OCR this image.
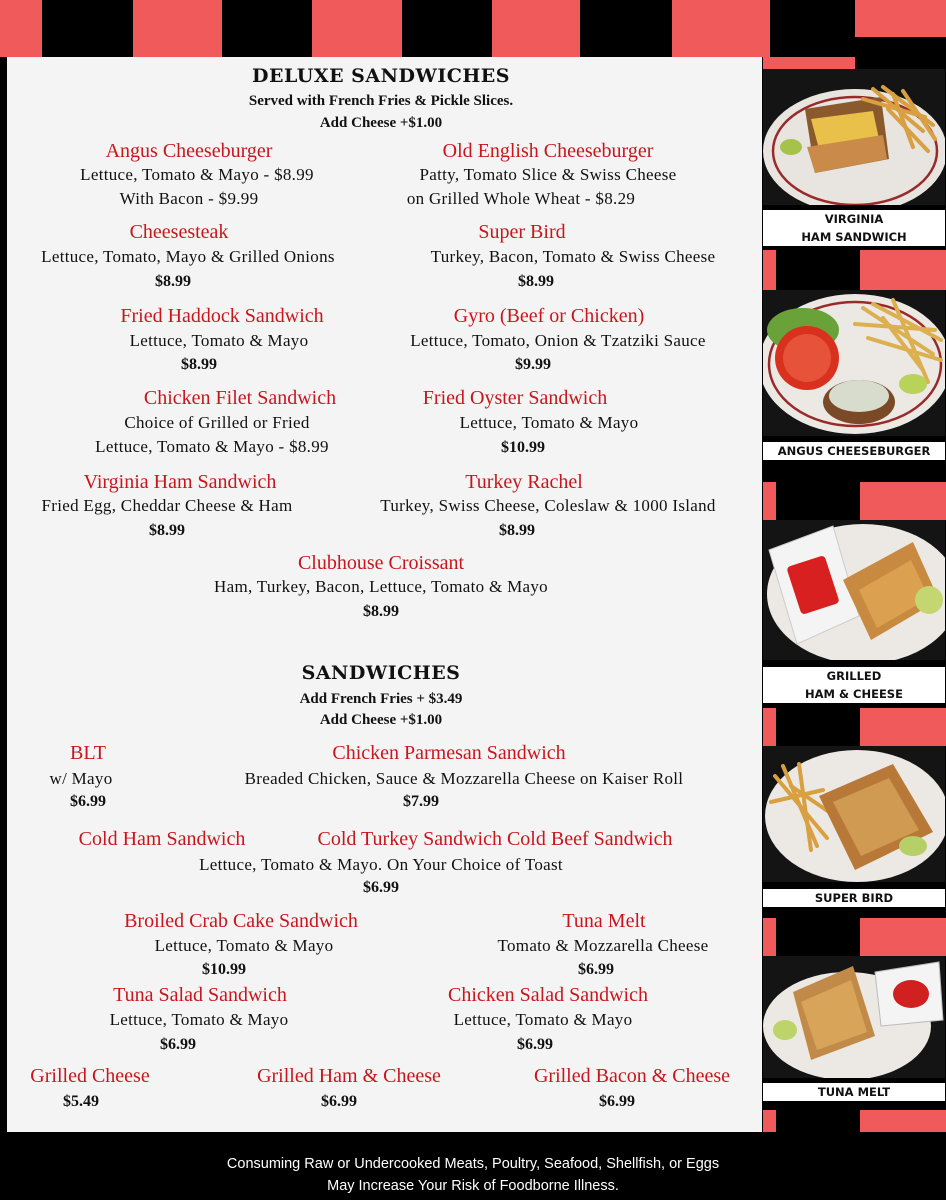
DELUXE SANDWICHES
Served with French Fries & Pickle Slices.
Add Cheese +$1.00
Angus Cheeseburger
Lettuce, Tomato & Mayo - $8.99
With Bacon - $9.99
Old English Cheeseburger
Patty, Tomato Slice & Swiss Cheese
on Grilled Whole Wheat - $8.29
Cheesesteak
Lettuce, Tomato, Mayo & Grilled Onions
$8.99
Super Bird
Turkey, Bacon, Tomato & Swiss Cheese
$8.99
Fried Haddock Sandwich
Lettuce, Tomato & Mayo
$8.99
Gyro (Beef or Chicken)
Lettuce, Tomato, Onion & Tzatziki Sauce
$9.99
Chicken Filet Sandwich
Choice of Grilled or Fried
Lettuce, Tomato & Mayo - $8.99
Fried Oyster Sandwich
Lettuce, Tomato & Mayo
$10.99
Virginia Ham Sandwich
Fried Egg, Cheddar Cheese & Ham
$8.99
Turkey Rachel
Turkey, Swiss Cheese, Coleslaw & 1000 Island
$8.99
Clubhouse Croissant
Ham, Turkey, Bacon, Lettuce, Tomato & Mayo
$8.99
SANDWICHES
Add French Fries + $3.49
Add Cheese +$1.00
BLT
w/ Mayo
$6.99
Chicken Parmesan Sandwich
Breaded Chicken, Sauce & Mozzarella Cheese on Kaiser Roll
$7.99
Cold Ham Sandwich	Cold Turkey Sandwich Cold Beef Sandwich
Lettuce, Tomato & Mayo. On Your Choice of Toast
$6.99
Broiled Crab Cake Sandwich
Lettuce, Tomato & Mayo
$10.99
Tuna Melt
Tomato & Mozzarella Cheese
$6.99
Tuna Salad Sandwich
Lettuce, Tomato & Mayo
$6.99
Chicken Salad Sandwich
Lettuce, Tomato & Mayo
$6.99
Grilled Cheese
$5.49
Grilled Ham & Cheese
$6.99
Grilled Bacon & Cheese
$6.99
VIRGINIA
HAM SANDWICH
ANGUS CHEESEBURGER
GRILLED
HAM & CHEESE
SUPER BIRD
TUNA MELT
Consuming Raw or Undercooked Meats, Poultry, Seafood, Shellfish, or Eggs
May Increase Your Risk of Foodborne Illness.
